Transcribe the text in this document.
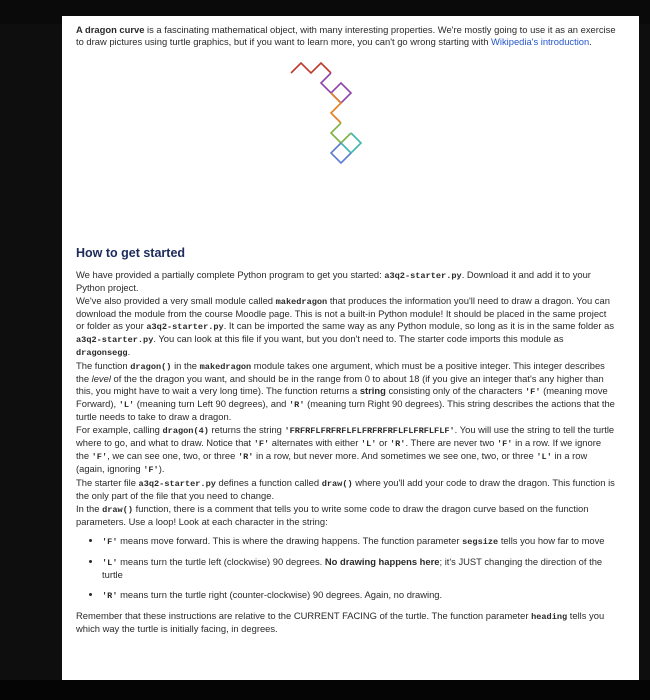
A dragon curve is a fascinating mathematical object, with many interesting properties. We're mostly going to use it as an exercise to draw pictures using turtle graphics, but if you want to learn more, you can't go wrong starting with Wikipedia's introduction.

How to get started

We have provided a partially complete Python program to get you started: a3q2-starter.py. Download it and add it to your Python project.

We've also provided a very small module called makedragon that produces the information you'll need to draw a dragon. You can download the module from the course Moodle page. This is not a built-in Python module! It should be placed in the same project or folder as your a3q2-starter.py. It can be imported the same way as any Python module, so long as it is in the same folder as a3q2-starter.py. You can look at this file if you want, but you don't need to. The starter code imports this module as dragonsegg.

The function dragon() in the makedragon module takes one argument, which must be a positive integer. This integer describes the level of the the dragon you want, and should be in the range from 0 to about 18 (if you give an integer that's any higher than this, you might have to wait a very long time). The function returns a string consisting only of the characters 'F' (meaning move Forward), 'L' (meaning turn Left 90 degrees), and 'R' (meaning turn Right 90 degrees). This string describes the actions that the turtle needs to take to draw a dragon.

For example, calling dragon(4) returns the string 'FRFRFLFRFRFLFLFRFRFRFLFLFRFLFLF'. You will use the string to tell the turtle where to go, and what to draw. Notice that 'F' alternates with either 'L' or 'R'. There are never two 'F' in a row. If we ignore the 'F', we can see one, two, or three 'R' in a row, but never more. And sometimes we see one, two, or three 'L' in a row (again, ignoring 'F').

The starter file a3q2-starter.py defines a function called draw() where you'll add your code to draw the dragon. This function is the only part of the file that you need to change.

In the draw() function, there is a comment that tells you to write some code to draw the dragon curve based on the function parameters. Use a loop! Look at each character in the string:

• 'F' means move forward. This is where the drawing happens. The function parameter segsize tells you how far to move
• 'L' means turn the turtle left (clockwise) 90 degrees. No drawing happens here; it's JUST changing the direction of the turtle
• 'R' means turn the turtle right (counter-clockwise) 90 degrees. Again, no drawing.

Remember that these instructions are relative to the CURRENT FACING of the turtle. The function parameter heading tells you which way the turtle is initially facing, in degrees.
